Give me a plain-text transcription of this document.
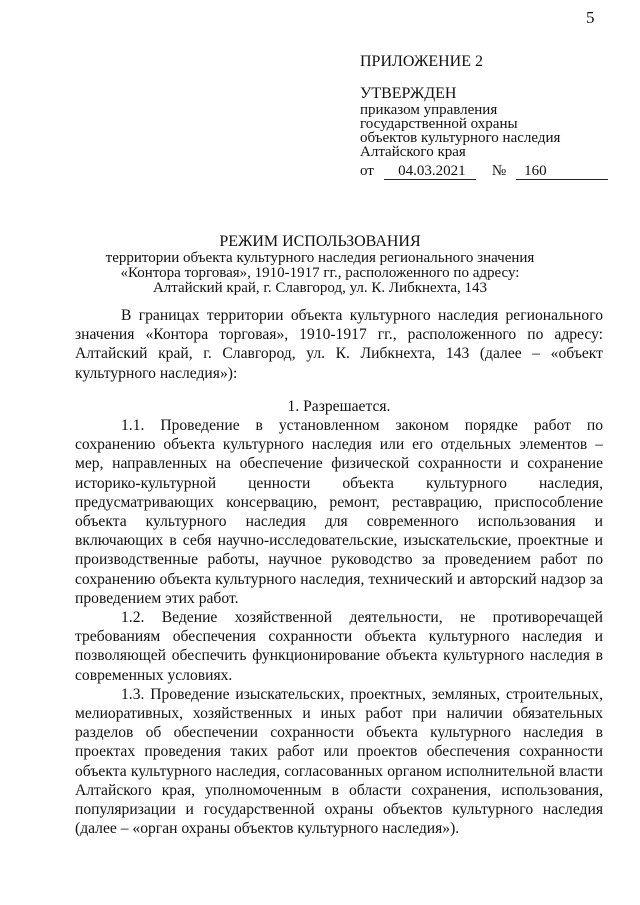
5

ПРИЛОЖЕНИЕ 2

УТВЕРЖДЕН

приказом управления

государственной охраны

объектов культурного наследия

Алтайского края

от 04.03.2021 № 160

РЕЖИМ ИСПОЛЬЗОВАНИЯ

территории объекта культурного наследия регионального значения

«Контора торговая», 1910-1917 гг., расположенного по адресу:

Алтайский край, г. Славгород, ул. К. Либкнехта, 143

В границах территории объекта культурного наследия регионального значения «Контора торговая», 1910-1917 гг., расположенного по адресу: Алтайский край, г. Славгород, ул. К. Либкнехта, 143 (далее – «объект культурного наследия»):

1. Разрешается.

1.1. Проведение в установленном законом порядке работ по сохранению объекта культурного наследия или его отдельных элементов – мер, направленных на обеспечение физической сохранности и сохранение историко-культурной ценности объекта культурного наследия, предусматривающих консервацию, ремонт, реставрацию, приспособление объекта культурного наследия для современного использования и включающих в себя научно-исследовательские, изыскательские, проектные и производственные работы, научное руководство за проведением работ по сохранению объекта культурного наследия, технический и авторский надзор за проведением этих работ.

1.2. Ведение хозяйственной деятельности, не противоречащей требованиям обеспечения сохранности объекта культурного наследия и позволяющей обеспечить функционирование объекта культурного наследия в современных условиях.

1.3. Проведение изыскательских, проектных, земляных, строительных, мелиоративных, хозяйственных и иных работ при наличии обязательных разделов об обеспечении сохранности объекта культурного наследия в проектах проведения таких работ или проектов обеспечения сохранности объекта культурного наследия, согласованных органом исполнительной власти Алтайского края, уполномоченным в области сохранения, использования, популяризации и государственной охраны объектов культурного наследия (далее – «орган охраны объектов культурного наследия»).
